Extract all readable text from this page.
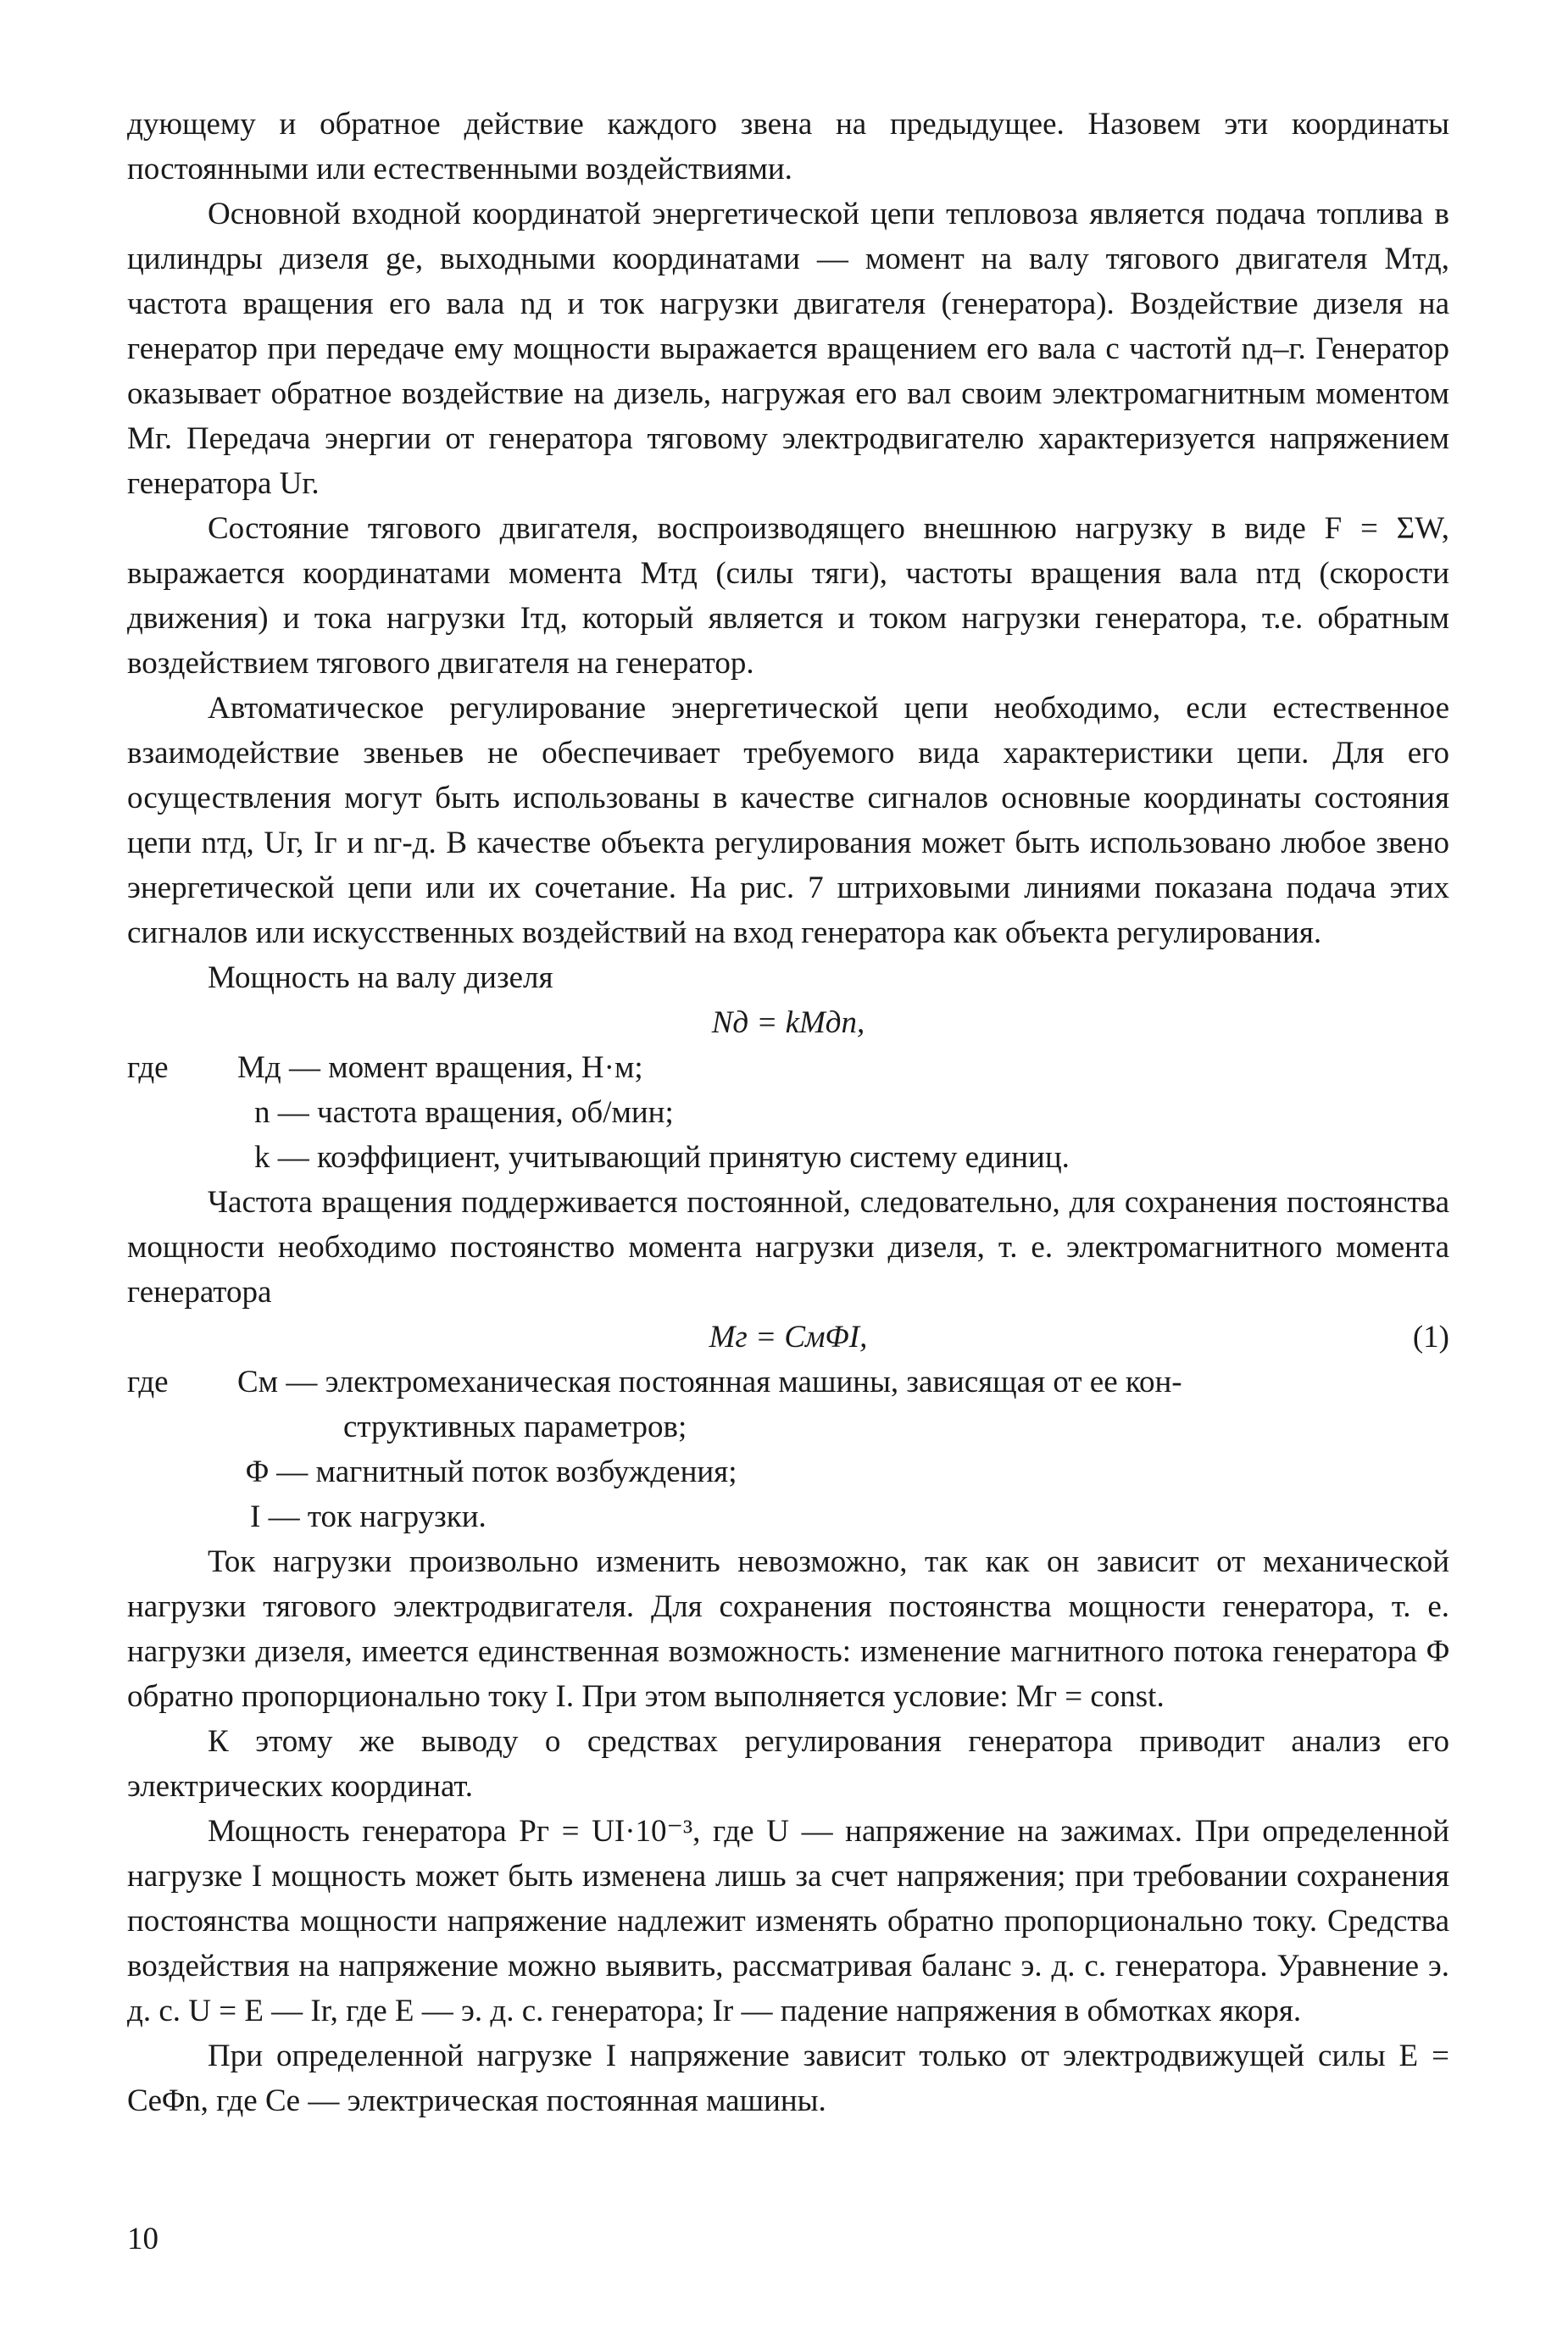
дующему и обратное действие каждого звена на предыдущее. Назовем эти координаты постоянными или естественными воздействиями.

Основной входной координатой энергетической цепи тепловоза является подача топлива в цилиндры дизеля gе, выходными координатами — момент на валу тягового двигателя Mтд, частота вращения его вала nд и ток нагрузки двигателя (генератора). Воздействие дизеля на генератор при передаче ему мощности выражается вращением его вала с частотй nд–г. Генератор оказывает обратное воздействие на дизель, нагружая его вал своим электромагнитным моментом Mг. Передача энергии от генератора тяговому электродвигателю характеризуется напряжением генератора Uг.

Состояние тягового двигателя, воспроизводящего внешнюю нагрузку в виде F = ΣW, выражается координатами момента Mтд (силы тяги), частоты вращения вала nтд (скорости движения) и тока нагрузки Iтд, который является и током нагрузки генератора, т.е. обратным воздействием тягового двигателя на генератор.

Автоматическое регулирование энергетической цепи необходимо, если естественное взаимодействие звеньев не обеспечивает требуемого вида характеристики цепи. Для его осуществления могут быть использованы в качестве сигналов основные координаты состояния цепи nтд, Uг, Iг и nг-д. В качестве объекта регулирования может быть использовано любое звено энергетической цепи или их сочетание. На рис. 7 штриховыми линиями показана подача этих сигналов или искусственных воздействий на вход генератора как объекта регулирования.

Мощность на валу дизеля

Nд = kMдn,
где	Mд — момент вращения, Н·м;
n — частота вращения, об/мин;
k — коэффициент, учитывающий принятую систему единиц.

Частота вращения поддерживается постоянной, следовательно, для сохранения постоянства мощности необходимо постоянство момента нагрузки дизеля, т. е. электромагнитного момента генератора

Mг = CмΦI,	(1)
где	Cм — электромеханическая постоянная машины, зависящая от ее кон-
структивных параметров;
Φ — магнитный поток возбуждения;
I — ток нагрузки.

Ток нагрузки произвольно изменить невозможно, так как он зависит от механической нагрузки тягового электродвигателя. Для сохранения постоянства мощности генератора, т. е. нагрузки дизеля, имеется единственная возможность: изменение магнитного потока генератора Φ обратно пропорционально току I. При этом выполняется условие: Mг = const.

К этому же выводу о средствах регулирования генератора приводит анализ его электрических координат.

Мощность генератора Pг = UI·10⁻³, где U — напряжение на зажимах. При определенной нагрузке I мощность может быть изменена лишь за счет напряжения; при требовании сохранения постоянства мощности напряжение надлежит изменять обратно пропорционально току. Средства воздействия на напряжение можно выявить, рассматривая баланс э. д. с. генератора. Уравнение э. д. с. U = E — Ir, где E — э. д. с. генератора; Ir — падение напряжения в обмотках якоря.

При определенной нагрузке I напряжение зависит только от электродвижущей силы E = CeΦn, где Ce — электрическая постоянная машины.

10
